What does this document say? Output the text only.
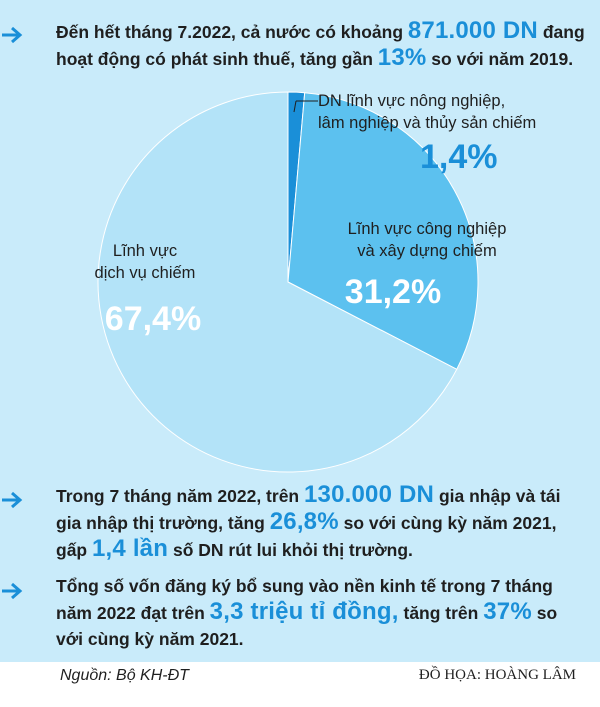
Đến hết tháng 7.2022, cả nước có khoảng 871.000 DN đang hoạt động có phát sinh thuế, tăng gần 13% so với năm 2019.
DN lĩnh vực nông nghiệp,
lâm nghiệp và thủy sản chiếm
1,4%
Lĩnh vực công nghiệp
và xây dựng chiếm
31,2%
Lĩnh vực
dịch vụ chiếm
67,4%
Trong 7 tháng năm 2022, trên 130.000 DN gia nhập và tái gia nhập thị trường, tăng 26,8% so với cùng kỳ năm 2021, gấp 1,4 lần số DN rút lui khỏi thị trường.
Tổng số vốn đăng ký bổ sung vào nền kinh tế trong 7 tháng năm 2022 đạt trên 3,3 triệu tỉ đồng, tăng trên 37% so với cùng kỳ năm 2021.
Nguồn: Bộ KH-ĐT	ĐỒ HỌA: HOÀNG LÂM
